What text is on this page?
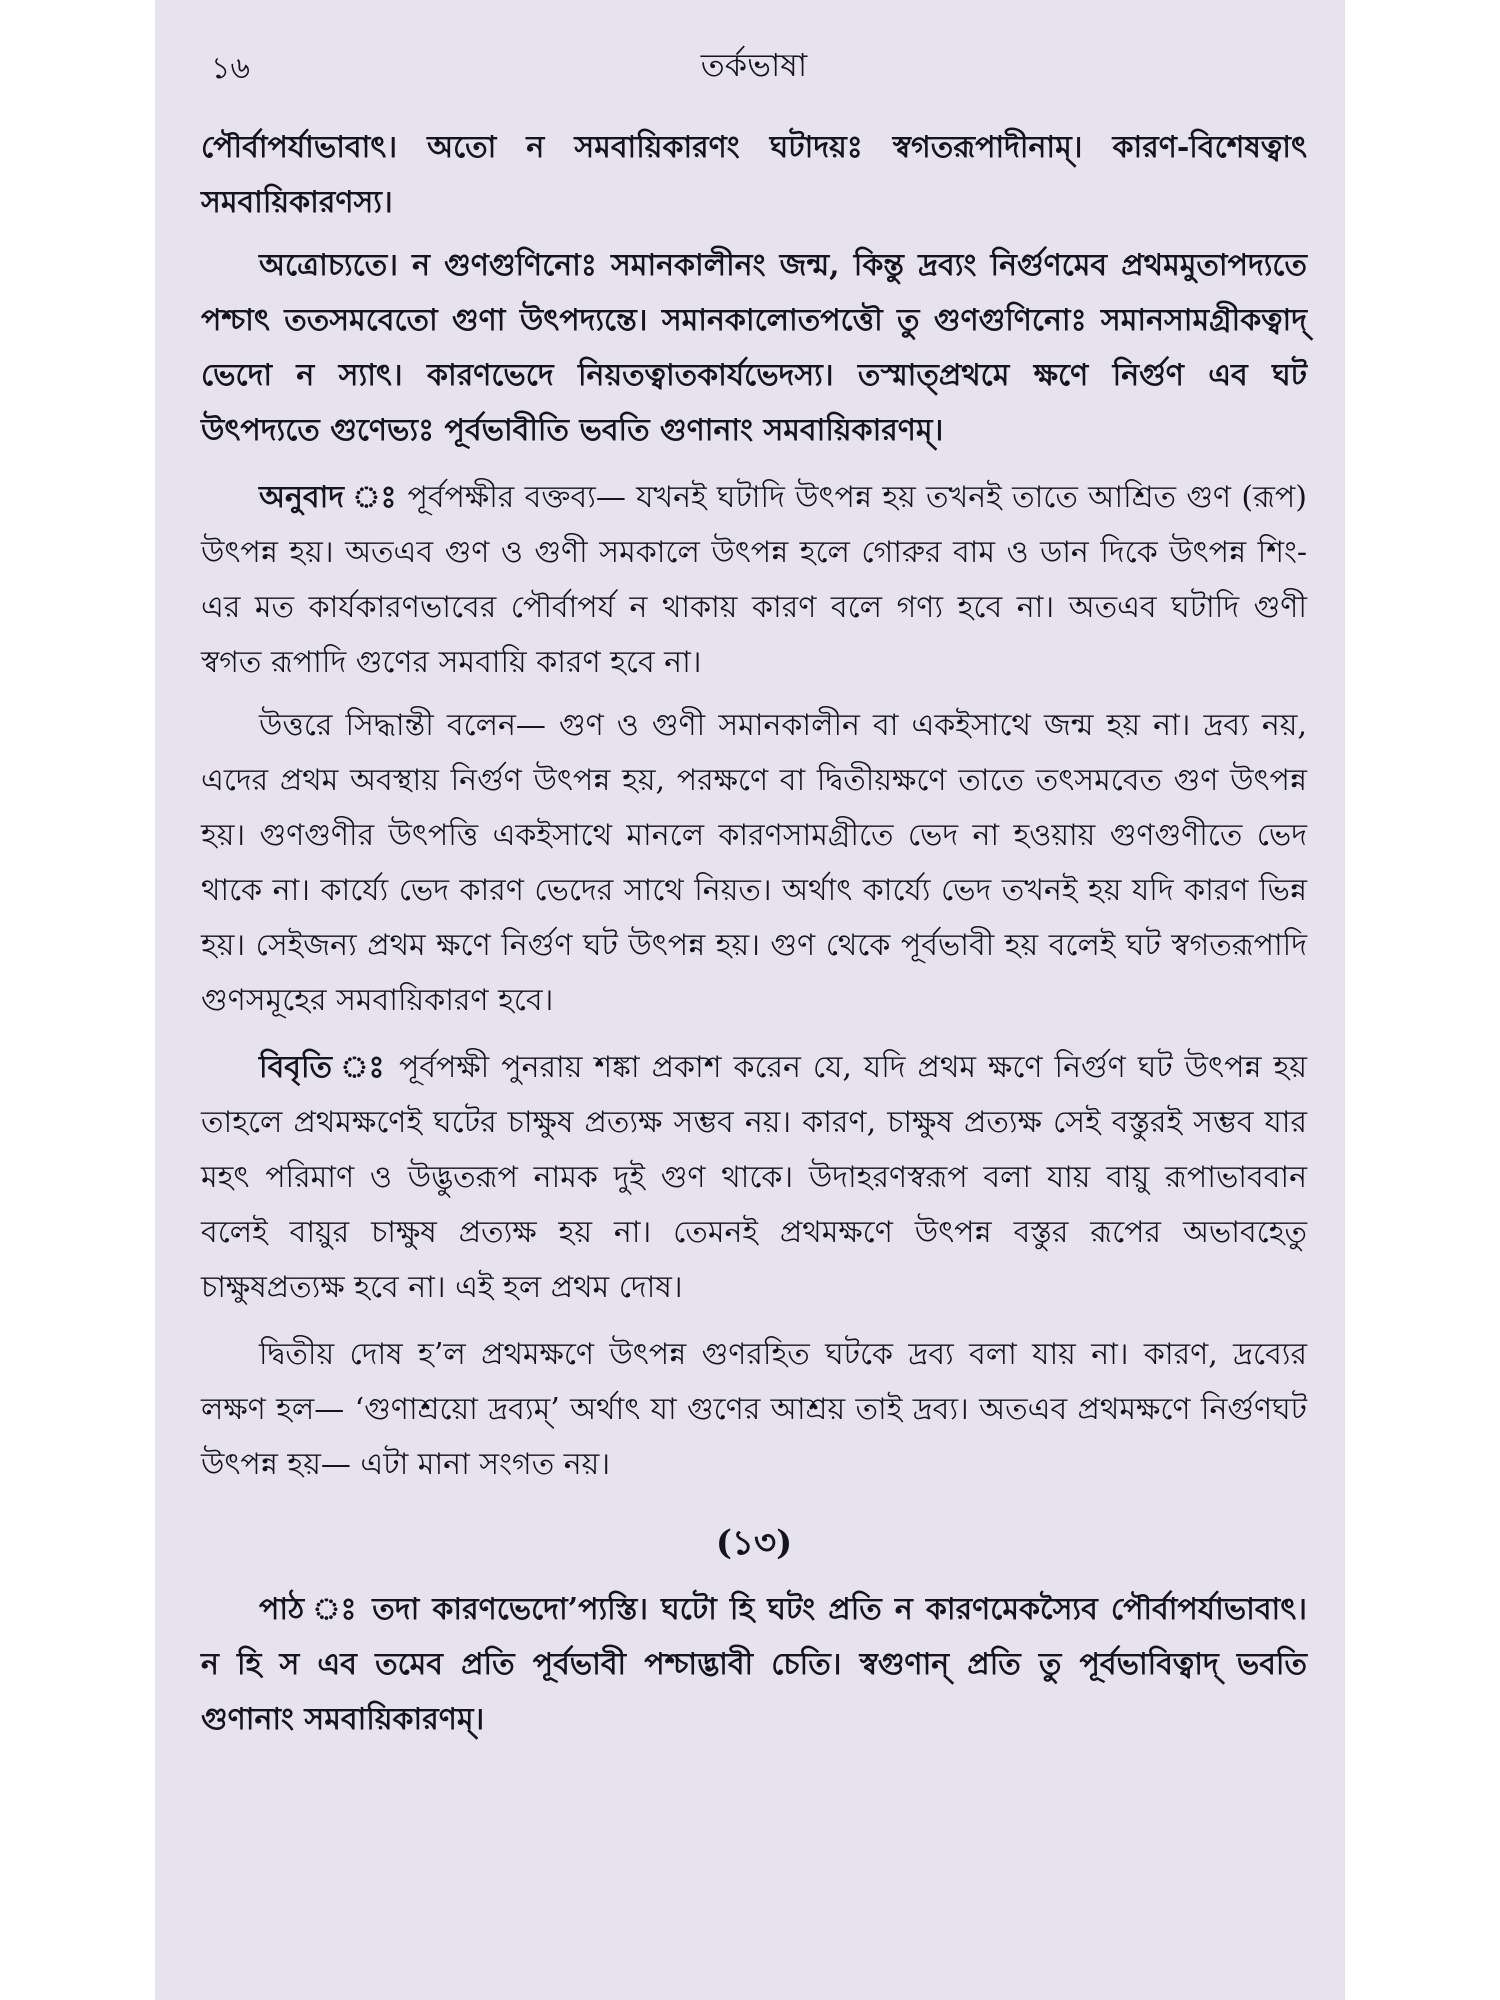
১৬	তর্কভাষা

পৌর্বাপর্যাভাবাৎ। অতো ন সমবায়িকারণং ঘটাদয়ঃ স্বগতরূপাদীনাম্। কারণ-বিশেষত্বাৎ সমবায়িকারণস্য।

অত্রোচ্যতে। ন গুণগুণিনোঃ সমানকালীনং জন্ম, কিন্তু দ্রব্যং নির্গুণমেব প্রথমমুতাপদ্যতে পশ্চাৎ ততসমবেতো গুণা উৎপদ্যন্তে। সমানকালোতপত্তৌ তু গুণগুণিনোঃ সমানসামগ্রীকত্বাদ্ ভেদো ন স্যাৎ। কারণভেদে নিয়তত্বাতকার্যভেদস্য। তস্মাত্প্রথমে ক্ষণে নির্গুণ এব ঘট উৎপদ্যতে গুণেভ্যঃ পূর্বভাবীতি ভবতি গুণানাং সমবায়িকারণম্।

অনুবাদ ঃ পূর্বপক্ষীর বক্তব্য— যখনই ঘটাদি উৎপন্ন হয় তখনই তাতে আশ্রিত গুণ (রূপ) উৎপন্ন হয়। অতএব গুণ ও গুণী সমকালে উৎপন্ন হলে গোরুর বাম ও ডান দিকে উৎপন্ন শিং-এর মত কার্যকারণভাবের পৌর্বাপর্য ন থাকায় কারণ বলে গণ্য হবে না। অতএব ঘটাদি গুণী স্বগত রূপাদি গুণের সমবায়ি কারণ হবে না।

উত্তরে সিদ্ধান্তী বলেন— গুণ ও গুণী সমানকালীন বা একইসাথে জন্ম হয় না। দ্রব্য নয়, এদের প্রথম অবস্থায় নির্গুণ উৎপন্ন হয়, পরক্ষণে বা দ্বিতীয়ক্ষণে তাতে তৎসমবেত গুণ উৎপন্ন হয়। গুণগুণীর উৎপত্তি একইসাথে মানলে কারণসামগ্রীতে ভেদ না হওয়ায় গুণগুণীতে ভেদ থাকে না। কার্য্যে ভেদ কারণ ভেদের সাথে নিয়ত। অর্থাৎ কার্য্যে ভেদ তখনই হয় যদি কারণ ভিন্ন হয়। সেইজন্য প্রথম ক্ষণে নির্গুণ ঘট উৎপন্ন হয়। গুণ থেকে পূর্বভাবী হয় বলেই ঘট স্বগতরূপাদি গুণসমূহের সমবায়িকারণ হবে।

বিবৃতি ঃ পূর্বপক্ষী পুনরায় শঙ্কা প্রকাশ করেন যে, যদি প্রথম ক্ষণে নির্গুণ ঘট উৎপন্ন হয় তাহলে প্রথমক্ষণেই ঘটের চাক্ষুষ প্রত্যক্ষ সম্ভব নয়। কারণ, চাক্ষুষ প্রত্যক্ষ সেই বস্তুরই সম্ভব যার মহৎ পরিমাণ ও উদ্ভুতরূপ নামক দুই গুণ থাকে। উদাহরণস্বরূপ বলা যায় বায়ু রূপাভাববান বলেই বায়ুর চাক্ষুষ প্রত্যক্ষ হয় না। তেমনই প্রথমক্ষণে উৎপন্ন বস্তুর রূপের অভাবহেতু চাক্ষুষপ্রত্যক্ষ হবে না। এই হল প্রথম দোষ।

দ্বিতীয় দোষ হ’ল প্রথমক্ষণে উৎপন্ন গুণরহিত ঘটকে দ্রব্য বলা যায় না। কারণ, দ্রব্যের লক্ষণ হল— ‘গুণাশ্রয়ো দ্রব্যম্’ অর্থাৎ যা গুণের আশ্রয় তাই দ্রব্য। অতএব প্রথমক্ষণে নির্গুণঘট উৎপন্ন হয়— এটা মানা সংগত নয়।

(১৩)

পাঠ ঃ তদা কারণভেদো’প্যস্তি। ঘটো হি ঘটং প্রতি ন কারণমেকস্যৈব পৌর্বাপর্যাভাবাৎ। ন হি স এব তমেব প্রতি পূর্বভাবী পশ্চাদ্ভাবী চেতি। স্বগুণান্ প্রতি তু পূর্বভাবিত্বাদ্ ভবতি গুণানাং সমবায়িকারণম্।
